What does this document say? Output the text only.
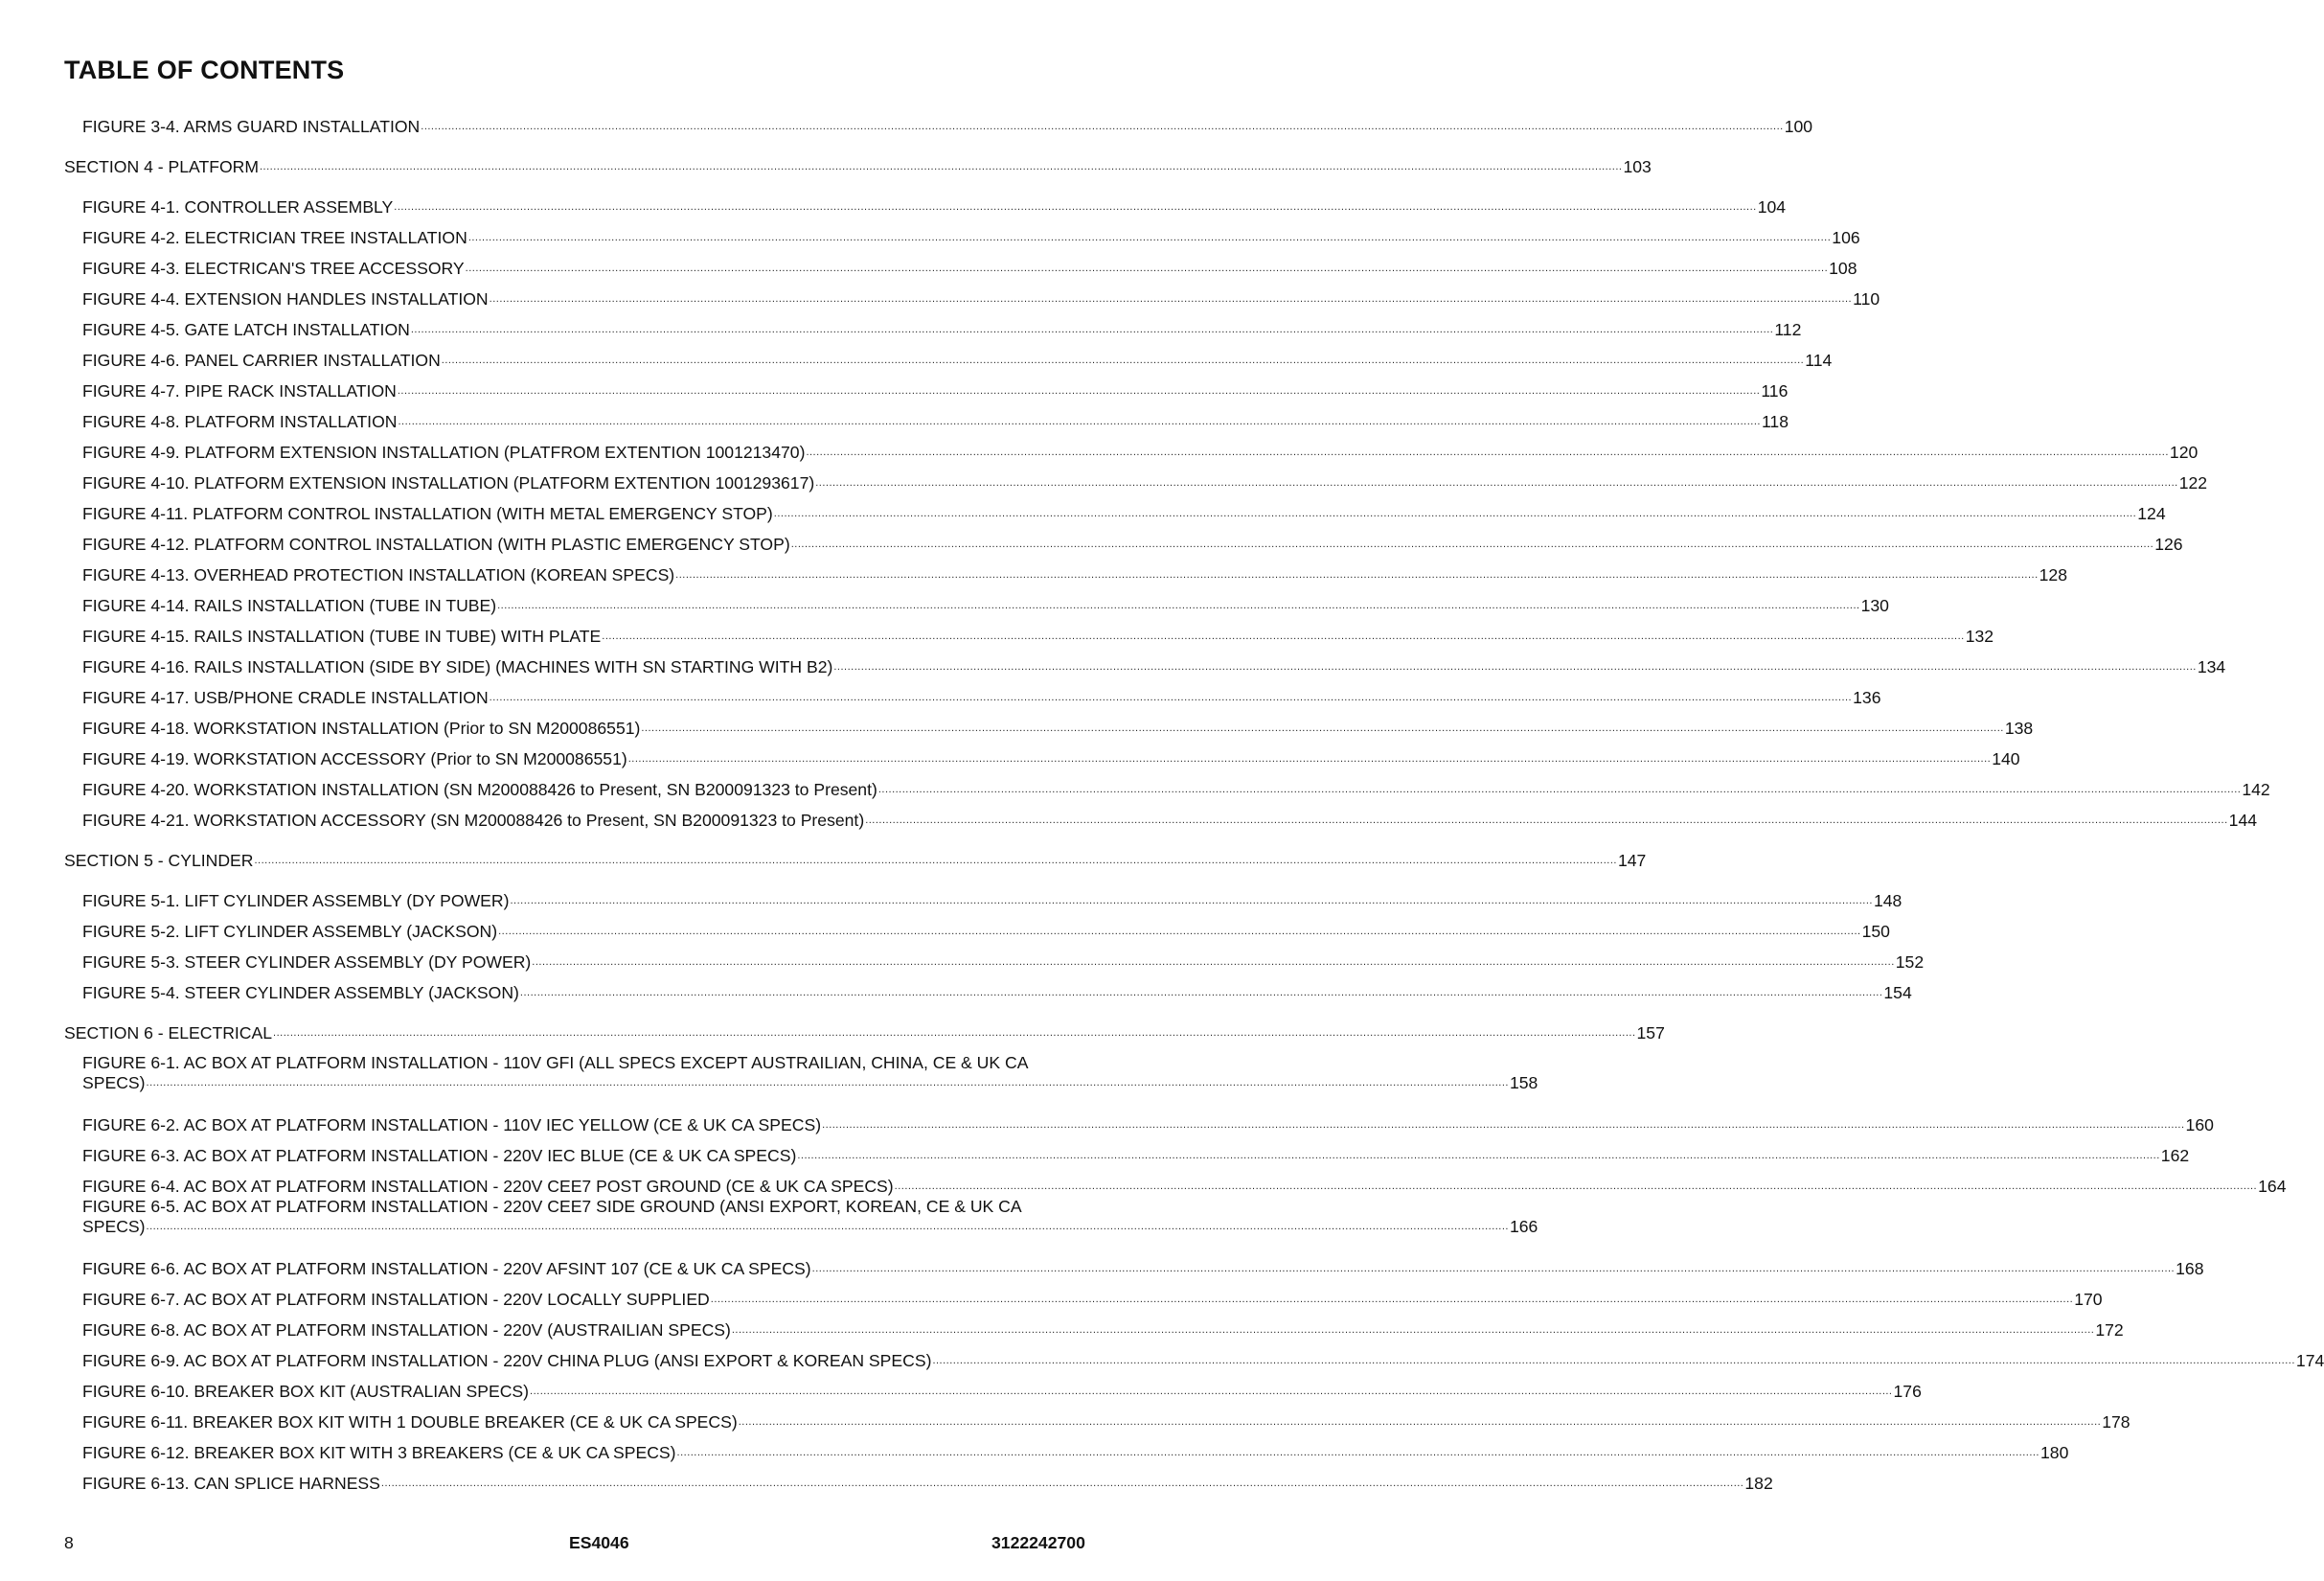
TABLE OF CONTENTS
FIGURE 3-4. ARMS GUARD INSTALLATION ................................................................................................................................................................................................................................................................................................................................................................................................................ 100
SECTION 4 - PLATFORM ................................................................................................................................................................................................................................................................................................................................................................................................................ 103
FIGURE 4-1. CONTROLLER ASSEMBLY ................................................................................................................................................................................................................................................................................................................................................................................................................ 104
FIGURE 4-2. ELECTRICIAN TREE INSTALLATION ................................................................................................................................................................................................................................................................................................................................................................................................................ 106
FIGURE 4-3. ELECTRICAN'S TREE ACCESSORY ................................................................................................................................................................................................................................................................................................................................................................................................................ 108
FIGURE 4-4. EXTENSION HANDLES INSTALLATION ................................................................................................................................................................................................................................................................................................................................................................................................................ 110
FIGURE 4-5. GATE LATCH INSTALLATION ................................................................................................................................................................................................................................................................................................................................................................................................................ 112
FIGURE 4-6. PANEL CARRIER INSTALLATION ................................................................................................................................................................................................................................................................................................................................................................................................................ 114
FIGURE 4-7. PIPE RACK INSTALLATION ................................................................................................................................................................................................................................................................................................................................................................................................................ 116
FIGURE 4-8. PLATFORM INSTALLATION ................................................................................................................................................................................................................................................................................................................................................................................................................ 118
FIGURE 4-9. PLATFORM EXTENSION INSTALLATION (PLATFROM EXTENTION 1001213470) ................................................................................................................................................................................................................................................................................................................................................................................................................ 120
FIGURE 4-10. PLATFORM EXTENSION INSTALLATION (PLATFORM EXTENTION 1001293617) ................................................................................................................................................................................................................................................................................................................................................................................................................ 122
FIGURE 4-11. PLATFORM CONTROL INSTALLATION (WITH METAL EMERGENCY STOP) ................................................................................................................................................................................................................................................................................................................................................................................................................ 124
FIGURE 4-12. PLATFORM CONTROL INSTALLATION (WITH PLASTIC EMERGENCY STOP) ................................................................................................................................................................................................................................................................................................................................................................................................................ 126
FIGURE 4-13. OVERHEAD PROTECTION INSTALLATION (KOREAN SPECS) ................................................................................................................................................................................................................................................................................................................................................................................................................ 128
FIGURE 4-14. RAILS INSTALLATION (TUBE IN TUBE) ................................................................................................................................................................................................................................................................................................................................................................................................................ 130
FIGURE 4-15. RAILS INSTALLATION (TUBE IN TUBE) WITH PLATE ................................................................................................................................................................................................................................................................................................................................................................................................................ 132
FIGURE 4-16. RAILS INSTALLATION (SIDE BY SIDE) (MACHINES WITH SN STARTING WITH B2) ................................................................................................................................................................................................................................................................................................................................................................................................................ 134
FIGURE 4-17. USB/PHONE CRADLE INSTALLATION ................................................................................................................................................................................................................................................................................................................................................................................................................ 136
FIGURE 4-18. WORKSTATION INSTALLATION (Prior to SN M200086551) ................................................................................................................................................................................................................................................................................................................................................................................................................ 138
FIGURE 4-19. WORKSTATION ACCESSORY (Prior to SN M200086551) ................................................................................................................................................................................................................................................................................................................................................................................................................ 140
FIGURE 4-20. WORKSTATION INSTALLATION (SN M200088426 to Present, SN B200091323 to Present) ................................................................................................................................................................................................................................................................................................................................................................................................................ 142
FIGURE 4-21. WORKSTATION ACCESSORY (SN M200088426 to Present, SN B200091323 to Present) ................................................................................................................................................................................................................................................................................................................................................................................................................ 144
SECTION 5 - CYLINDER ................................................................................................................................................................................................................................................................................................................................................................................................................ 147
FIGURE 5-1. LIFT CYLINDER ASSEMBLY (DY POWER) ................................................................................................................................................................................................................................................................................................................................................................................................................ 148
FIGURE 5-2. LIFT CYLINDER ASSEMBLY (JACKSON) ................................................................................................................................................................................................................................................................................................................................................................................................................ 150
FIGURE 5-3. STEER CYLINDER ASSEMBLY (DY POWER) ................................................................................................................................................................................................................................................................................................................................................................................................................ 152
FIGURE 5-4. STEER CYLINDER ASSEMBLY (JACKSON) ................................................................................................................................................................................................................................................................................................................................................................................................................ 154
SECTION 6 - ELECTRICAL ................................................................................................................................................................................................................................................................................................................................................................................................................ 157
FIGURE 6-1. AC BOX AT PLATFORM INSTALLATION - 110V GFI (ALL SPECS EXCEPT AUSTRAILIAN, CHINA, CE & UK CA
SPECS) ................................................................................................................................................................................................................................................................................................................................................................................................................ 158
FIGURE 6-2. AC BOX AT PLATFORM INSTALLATION - 110V IEC YELLOW (CE & UK CA SPECS) ................................................................................................................................................................................................................................................................................................................................................................................................................ 160
FIGURE 6-3. AC BOX AT PLATFORM INSTALLATION - 220V IEC BLUE (CE & UK CA SPECS) ................................................................................................................................................................................................................................................................................................................................................................................................................ 162
FIGURE 6-4. AC BOX AT PLATFORM INSTALLATION - 220V CEE7 POST GROUND (CE & UK CA SPECS) ................................................................................................................................................................................................................................................................................................................................................................................................................ 164
FIGURE 6-5. AC BOX AT PLATFORM INSTALLATION - 220V CEE7 SIDE GROUND (ANSI EXPORT, KOREAN, CE & UK CA
SPECS) ................................................................................................................................................................................................................................................................................................................................................................................................................ 166
FIGURE 6-6. AC BOX AT PLATFORM INSTALLATION - 220V AFSINT 107 (CE & UK CA SPECS) ................................................................................................................................................................................................................................................................................................................................................................................................................ 168
FIGURE 6-7. AC BOX AT PLATFORM INSTALLATION - 220V LOCALLY SUPPLIED ................................................................................................................................................................................................................................................................................................................................................................................................................ 170
FIGURE 6-8. AC BOX AT PLATFORM INSTALLATION - 220V (AUSTRAILIAN SPECS) ................................................................................................................................................................................................................................................................................................................................................................................................................ 172
FIGURE 6-9. AC BOX AT PLATFORM INSTALLATION - 220V CHINA PLUG (ANSI EXPORT & KOREAN SPECS) ................................................................................................................................................................................................................................................................................................................................................................................................................ 174
FIGURE 6-10. BREAKER BOX KIT (AUSTRALIAN SPECS) ................................................................................................................................................................................................................................................................................................................................................................................................................ 176
FIGURE 6-11. BREAKER BOX KIT WITH 1 DOUBLE BREAKER (CE & UK CA SPECS) ................................................................................................................................................................................................................................................................................................................................................................................................................ 178
FIGURE 6-12. BREAKER BOX KIT WITH 3 BREAKERS (CE & UK CA SPECS) ................................................................................................................................................................................................................................................................................................................................................................................................................ 180
FIGURE 6-13. CAN SPLICE HARNESS ................................................................................................................................................................................................................................................................................................................................................................................................................ 182
8	ES4046	3122242700
